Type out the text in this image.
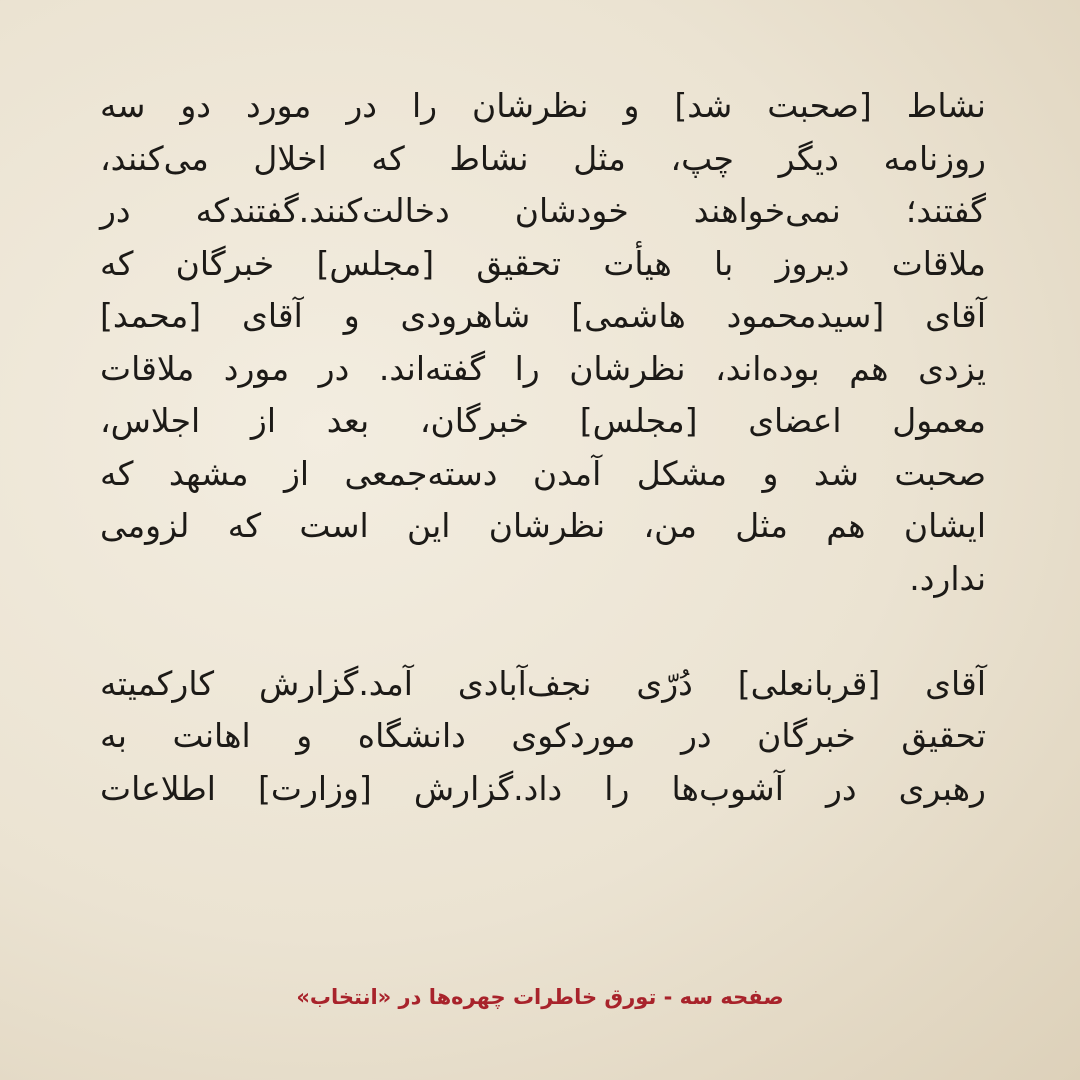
نشاط [صحبت شد] و نظرشان را در مورد دو سه
روزنامه دیگر چپ، مثل نشاط که اخلال می‌کنند،
گفتند؛ نمی‌خواهند خودشان دخالت‌کنند.گفتندکه در
ملاقات دیروز با هیأت تحقیق [مجلس] خبرگان که
آقای [سیدمحمود هاشمی] شاهرودی و آقای [محمد]
یزدی هم بوده‌اند، نظرشان را گفته‌اند. در مورد ملاقات
معمول اعضای [مجلس] خبرگان، بعد از اجلاس،
صحبت شد و مشکل آمدن دسته‌جمعی از مشهد که
ایشان هم مثل من، نظرشان این است که لزومی
ندارد.
آقای [قربانعلی] دُرّی نجف‌آبادی آمد.گزارش کارکمیته
تحقیق خبرگان در موردکوی دانشگاه و اهانت به
رهبری در آشوب‌ها را داد.گزارش [وزارت] اطلاعات
صفحه سه - تورق خاطرات چهره‌ها در «انتخاب»
